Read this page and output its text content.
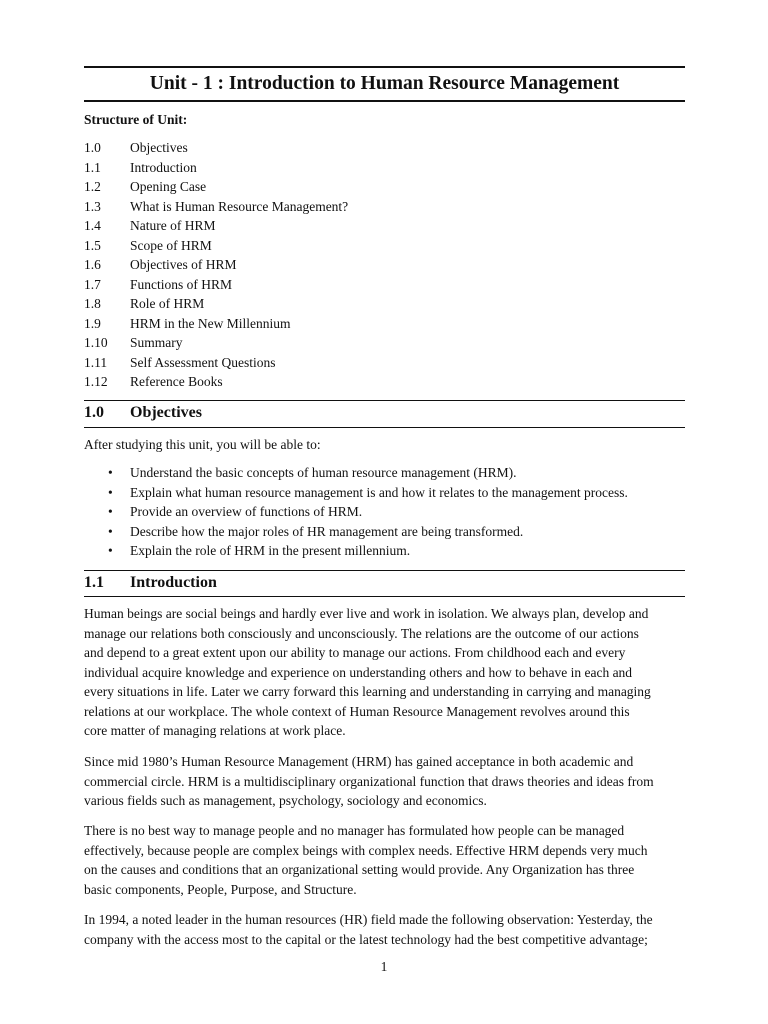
Unit - 1 : Introduction to Human Resource Management
Structure of Unit:
1.0 Objectives
1.1 Introduction
1.2 Opening Case
1.3 What is Human Resource Management?
1.4 Nature of HRM
1.5 Scope of HRM
1.6 Objectives of HRM
1.7 Functions of HRM
1.8 Role of HRM
1.9 HRM in the New Millennium
1.10 Summary
1.11 Self Assessment Questions
1.12 Reference Books
1.0 Objectives
After studying this unit, you will be able to:
• Understand the basic concepts of human resource management (HRM).
• Explain what human resource management is and how it relates to the management process.
• Provide an overview of functions of HRM.
• Describe how the major roles of HR management are being transformed.
• Explain the role of HRM in the present millennium.
1.1 Introduction
Human beings are social beings and hardly ever live and work in isolation. We always plan, develop and
manage our relations both consciously and unconsciously. The relations are the outcome of our actions
and depend to a great extent upon our ability to manage our actions. From childhood each and every
individual acquire knowledge and experience on understanding others and how to behave in each and
every situations in life. Later we carry forward this learning and understanding in carrying and managing
relations at our workplace. The whole context of Human Resource Management revolves around this
core matter of managing relations at work place.
Since mid 1980’s Human Resource Management (HRM) has gained acceptance in both academic and
commercial circle. HRM is a multidisciplinary organizational function that draws theories and ideas from
various fields such as management, psychology, sociology and economics.
There is no best way to manage people and no manager has formulated how people can be managed
effectively, because people are complex beings with complex needs. Effective HRM depends very much
on the causes and conditions that an organizational setting would provide. Any Organization has three
basic components, People, Purpose, and Structure.
In 1994, a noted leader in the human resources (HR) field made the following observation: Yesterday, the
company with the access most to the capital or the latest technology had the best competitive advantage;
1
